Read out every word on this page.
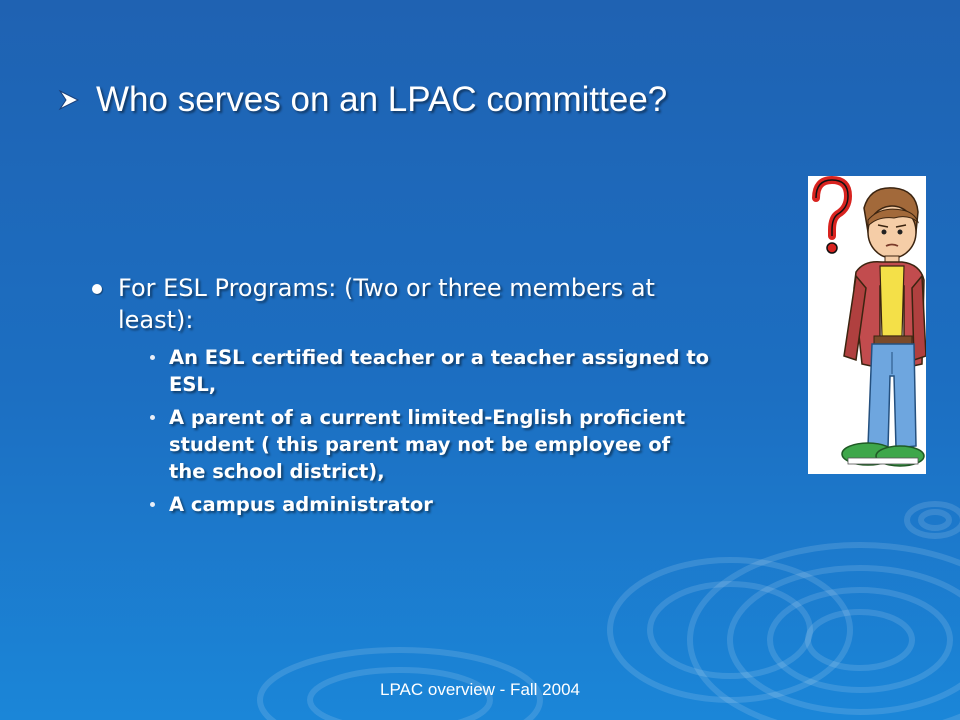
Who serves on an LPAC committee?
For ESL Programs: (Two or three members at least):
An ESL certified teacher or a teacher assigned to ESL,
A parent of a current limited-English proficient student ( this parent may not be employee of the school district),
A campus administrator
LPAC overview - Fall 2004
